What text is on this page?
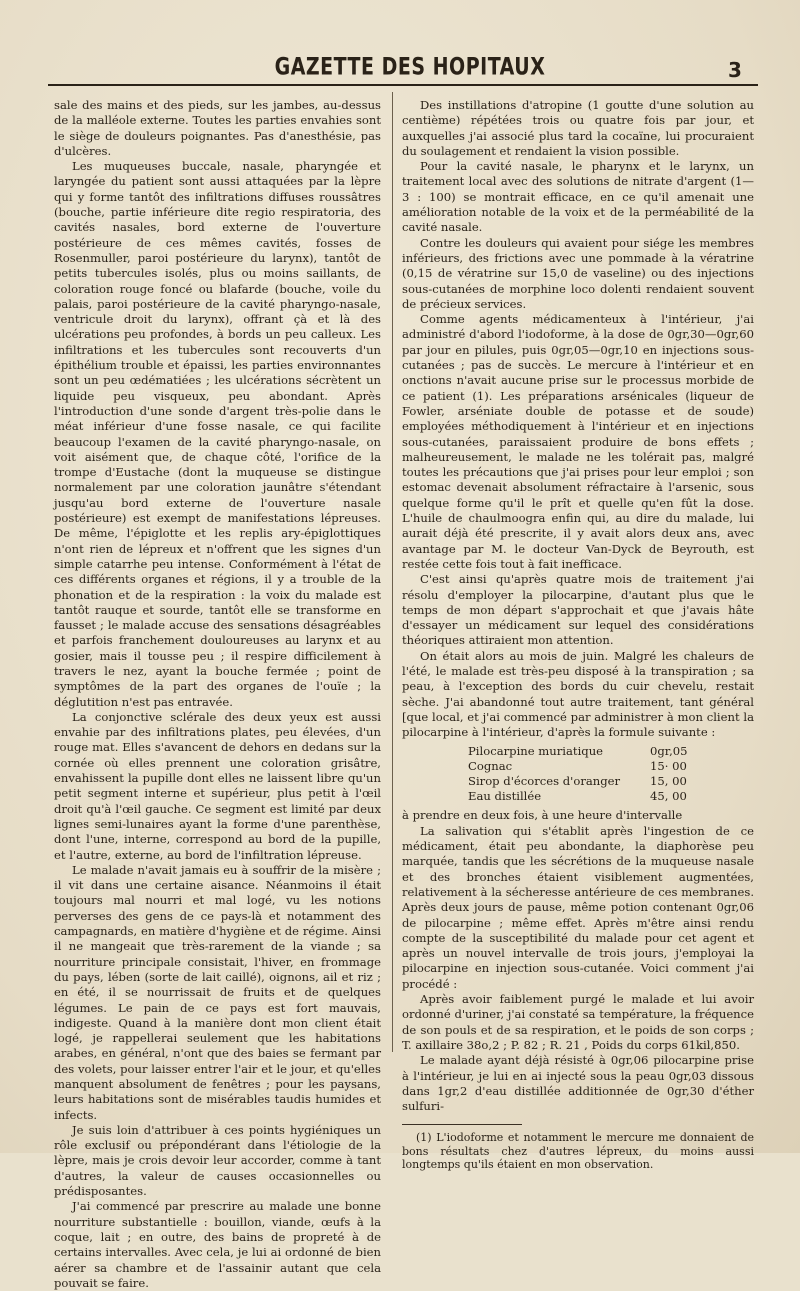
GAZETTE DES HOPITAUX	3

sale des mains et des pieds, sur les jambes, au-dessus de la malléole externe. Toutes les parties envahies sont le siège de douleurs poignantes. Pas d'anesthésie, pas d'ulcères.

Les muqueuses buccale, nasale, pharyngée et laryngée du patient sont aussi attaquées par la lèpre qui y forme tantôt des infiltrations diffuses roussâtres (bouche, partie inférieure dite regio respiratoria, des cavités nasales, bord externe de l'ouverture postérieure de ces mêmes cavités, fosses de Rosenmuller, paroi postérieure du larynx), tantôt de petits tubercules isolés, plus ou moins saillants, de coloration rouge foncé ou blafarde (bouche, voile du palais, paroi postérieure de la cavité pharyngo-nasale, ventricule droit du larynx), offrant çà et là des ulcérations peu profondes, à bords un peu calleux. Les infiltrations et les tubercules sont recouverts d'un épithélium trouble et épaissi, les parties environnantes sont un peu œdématiées ; les ulcérations sécrètent un liquide peu visqueux, peu abondant. Après l'introduction d'une sonde d'argent très-polie dans le méat inférieur d'une fosse nasale, ce qui facilite beaucoup l'examen de la cavité pharyngo-nasale, on voit aisément que, de chaque côté, l'orifice de la trompe d'Eustache (dont la muqueuse se distingue normalement par une coloration jaunâtre s'étendant jusqu'au bord externe de l'ouverture nasale postérieure) est exempt de manifestations lépreuses. De même, l'épiglotte et les replis ary-épiglottiques n'ont rien de lépreux et n'offrent que les signes d'un simple catarrhe peu intense. Conformément à l'état de ces différents organes et régions, il y a trouble de la phonation et de la respiration : la voix du malade est tantôt rauque et sourde, tantôt elle se transforme en fausset ; le malade accuse des sensations désagréables et parfois franchement douloureuses au larynx et au gosier, mais il tousse peu ; il respire difficilement à travers le nez, ayant la bouche fermée ; point de symptômes de la part des organes de l'ouïe ; la déglutition n'est pas entravée.

La conjonctive sclérale des deux yeux est aussi envahie par des infiltrations plates, peu élevées, d'un rouge mat. Elles s'avancent de dehors en dedans sur la cornée où elles prennent une coloration grisâtre, envahissent la pupille dont elles ne laissent libre qu'un petit segment interne et supérieur, plus petit à l'œil droit qu'à l'œil gauche. Ce segment est limité par deux lignes semi-lunaires ayant la forme d'une parenthèse, dont l'une, interne, correspond au bord de la pupille, et l'autre, externe, au bord de l'infiltration lépreuse.

Le malade n'avait jamais eu à souffrir de la misère ; il vit dans une certaine aisance. Néanmoins il était toujours mal nourri et mal logé, vu les notions perverses des gens de ce pays-là et notamment des campagnards, en matière d'hygiène et de régime. Ainsi il ne mangeait que très-rarement de la viande ; sa nourriture principale consistait, l'hiver, en frommage du pays, lében (sorte de lait caillé), oignons, ail et riz ; en été, il se nourrissait de fruits et de quelques légumes. Le pain de ce pays est fort mauvais, indigeste. Quand à la manière dont mon client était logé, je rappellerai seulement que les habitations arabes, en général, n'ont que des baies se fermant par des volets, pour laisser entrer l'air et le jour, et qu'elles manquent absolument de fenêtres ; pour les paysans, leurs habitations sont de misérables taudis humides et infects.

Je suis loin d'attribuer à ces points hygiéniques un rôle exclusif ou prépondérant dans l'étiologie de la lèpre, mais je crois devoir leur accorder, comme à tant d'autres, la valeur de causes occasionnelles ou prédisposantes.

J'ai commencé par prescrire au malade une bonne nourriture substantielle : bouillon, viande, œufs à la coque, lait ; en outre, des bains de propreté à de certains intervalles. Avec cela, je lui ai ordonné de bien aérer sa chambre et de l'assainir autant que cela pouvait se faire.

Des instillations d'atropine (1 goutte d'une solution au centième) répétées trois ou quatre fois par jour, et auxquelles j'ai associé plus tard la cocaïne, lui procuraient du soulagement et rendaient la vision possible.

Pour la cavité nasale, le pharynx et le larynx, un traitement local avec des solutions de nitrate d'argent (1—3 : 100) se montrait efficace, en ce qu'il amenait une amélioration notable de la voix et de la perméabilité de la cavité nasale.

Contre les douleurs qui avaient pour siége les membres inférieurs, des frictions avec une pommade à la vératrine (0,15 de vératrine sur 15,0 de vaseline) ou des injections sous-cutanées de morphine loco dolenti rendaient souvent de précieux services.

Comme agents médicamenteux à l'intérieur, j'ai administré d'abord l'iodoforme, à la dose de 0gr,30—0gr,60 par jour en pilules, puis 0gr,05—0gr,10 en injections sous-cutanées ; pas de succès. Le mercure à l'intérieur et en onctions n'avait aucune prise sur le processus morbide de ce patient (1). Les préparations arsénicales (liqueur de Fowler, arséniate double de potasse et de soude) employées méthodiquement à l'intérieur et en injections sous-cutanées, paraissaient produire de bons effets ; malheureusement, le malade ne les tolérait pas, malgré toutes les précautions que j'ai prises pour leur emploi ; son estomac devenait absolument réfractaire à l'arsenic, sous quelque forme qu'il le prît et quelle qu'en fût la dose. L'huile de chaulmoogra enfin qui, au dire du malade, lui aurait déjà été prescrite, il y avait alors deux ans, avec avantage par M. le docteur Van-Dyck de Beyrouth, est restée cette fois tout à fait inefficace.

C'est ainsi qu'après quatre mois de traitement j'ai résolu d'employer la pilocarpine, d'autant plus que le temps de mon départ s'approchait et que j'avais hâte d'essayer un médicament sur lequel des considérations théoriques attiraient mon attention.

On était alors au mois de juin. Malgré les chaleurs de l'été, le malade est très-peu disposé à la transpiration ; sa peau, à l'exception des bords du cuir chevelu, restait sèche. J'ai abandonné tout autre traitement, tant général [que local, et j'ai commencé par administrer à mon client la pilocarpine à l'intérieur, d'après la formule suivante :

Pilocarpine muriatique	0gr,05
Cognac	15· 00
Sirop d'écorces d'oranger	15, 00
Eau distillée	45, 00

à prendre en deux fois, à une heure d'intervalle

La salivation qui s'établit après l'ingestion de ce médicament, était peu abondante, la diaphorèse peu marquée, tandis que les sécrétions de la muqueuse nasale et des bronches étaient visiblement augmentées, relativement à la sécheresse antérieure de ces membranes. Après deux jours de pause, même potion contenant 0gr,06 de pilocarpine ; même effet. Après m'être ainsi rendu compte de la susceptibilité du malade pour cet agent et après un nouvel intervalle de trois jours, j'employai la pilocarpine en injection sous-cutanée. Voici comment j'ai procédé :

Après avoir faiblement purgé le malade et lui avoir ordonné d'uriner, j'ai constaté sa température, la fréquence de son pouls et de sa respiration, et le poids de son corps ; T. axillaire 38o,2 ; P. 82 ; R. 21 , Poids du corps 61kil,850.

Le malade ayant déjà résisté à 0gr,06 pilocarpine prise à l'intérieur, je lui en ai injecté sous la peau 0gr,03 dissous dans 1gr,2 d'eau distillée additionnée de 0gr,30 d'éther sulfuri-

(1) L'iodoforme et notamment le mercure me donnaient de bons résultats chez d'autres lépreux, du moins aussi longtemps qu'ils étaient en mon observation.
